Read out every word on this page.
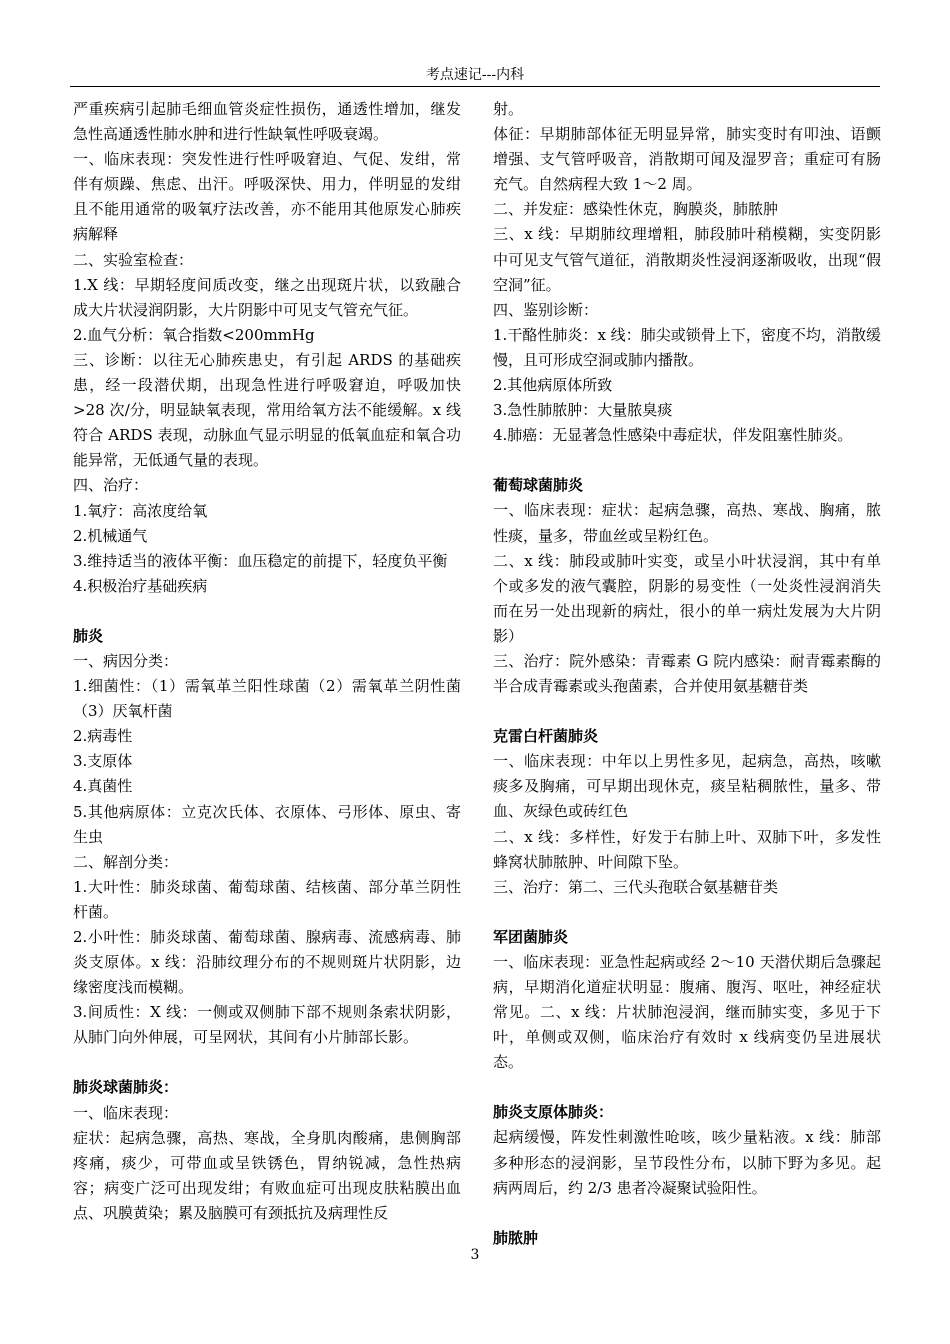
考点速记---内科
严重疾病引起肺毛细血管炎症性损伤，通透性增加，继发急性高通透性肺水肿和进行性缺氧性呼吸衰竭。
一、临床表现：突发性进行性呼吸窘迫、气促、发绀，常伴有烦躁、焦虑、出汗。呼吸深快、用力，伴明显的发绀且不能用通常的吸氧疗法改善，亦不能用其他原发心肺疾病解释
二、实验室检查：
1.X 线：早期轻度间质改变，继之出现斑片状，以致融合成大片状浸润阴影，大片阴影中可见支气管充气征。
2.血气分析：氧合指数<200mmHg
三、诊断：以往无心肺疾患史，有引起 ARDS 的基础疾患，经一段潜伏期，出现急性进行呼吸窘迫，呼吸加快>28 次/分，明显缺氧表现，常用给氧方法不能缓解。x 线符合 ARDS 表现，动脉血气显示明显的低氧血症和氧合功能异常，无低通气量的表现。
四、治疗：
1.氧疗：高浓度给氧
2.机械通气
3.维持适当的液体平衡：血压稳定的前提下，轻度负平衡
4.积极治疗基础疾病
肺炎
一、病因分类：
1.细菌性：（1）需氧革兰阳性球菌（2）需氧革兰阴性菌（3）厌氧杆菌
2.病毒性
3.支原体
4.真菌性
5.其他病原体：立克次氏体、衣原体、弓形体、原虫、寄生虫
二、解剖分类：
1.大叶性：肺炎球菌、葡萄球菌、结核菌、部分革兰阴性杆菌。
2.小叶性：肺炎球菌、葡萄球菌、腺病毒、流感病毒、肺炎支原体。x 线：沿肺纹理分布的不规则斑片状阴影，边缘密度浅而模糊。
3.间质性：X 线：一侧或双侧肺下部不规则条索状阴影，从肺门向外伸展，可呈网状，其间有小片肺部长影。
肺炎球菌肺炎：
一、临床表现：
症状：起病急骤，高热、寒战，全身肌肉酸痛，患侧胸部疼痛，痰少，可带血或呈铁锈色，胃纳锐减，急性热病容；病变广泛可出现发绀；有败血症可出现皮肤粘膜出血点、巩膜黄染；累及脑膜可有颈抵抗及病理性反
射。
体征：早期肺部体征无明显异常，肺实变时有叩浊、语颤增强、支气管呼吸音，消散期可闻及湿罗音；重症可有肠充气。自然病程大致 1～2 周。
二、并发症：感染性休克，胸膜炎，肺脓肿
三、x 线：早期肺纹理增粗，肺段肺叶稍模糊，实变阴影中可见支气管气道征，消散期炎性浸润逐渐吸收，出现“假空洞”征。
四、鉴别诊断：
1.干酪性肺炎：x 线：肺尖或锁骨上下，密度不均，消散缓慢，且可形成空洞或肺内播散。
2.其他病原体所致
3.急性肺脓肿：大量脓臭痰
4.肺癌：无显著急性感染中毒症状，伴发阻塞性肺炎。
葡萄球菌肺炎
一、临床表现：症状：起病急骤，高热、寒战、胸痛，脓性痰，量多，带血丝或呈粉红色。
二、x 线：肺段或肺叶实变，或呈小叶状浸润，其中有单个或多发的液气囊腔，阴影的易变性（一处炎性浸润消失而在另一处出现新的病灶，很小的单一病灶发展为大片阴影）
三、治疗：院外感染：青霉素 G 院内感染：耐青霉素酶的半合成青霉素或头孢菌素，合并使用氨基糖苷类
克雷白杆菌肺炎
一、临床表现：中年以上男性多见，起病急，高热，咳嗽痰多及胸痛，可早期出现休克，痰呈粘稠脓性，量多、带血、灰绿色或砖红色
二、x 线：多样性，好发于右肺上叶、双肺下叶，多发性蜂窝状肺脓肿、叶间隙下坠。
三、治疗：第二、三代头孢联合氨基糖苷类
军团菌肺炎
一、临床表现：亚急性起病或经 2～10 天潜伏期后急骤起病，早期消化道症状明显：腹痛、腹泻、呕吐，神经症状常见。二、x 线：片状肺泡浸润，继而肺实变，多见于下叶，单侧或双侧，临床治疗有效时 x 线病变仍呈进展状态。
肺炎支原体肺炎：
起病缓慢，阵发性刺激性呛咳，咳少量粘液。x 线：肺部多种形态的浸润影，呈节段性分布，以肺下野为多见。起病两周后，约 2/3 患者冷凝聚试验阳性。
肺脓肿
3
